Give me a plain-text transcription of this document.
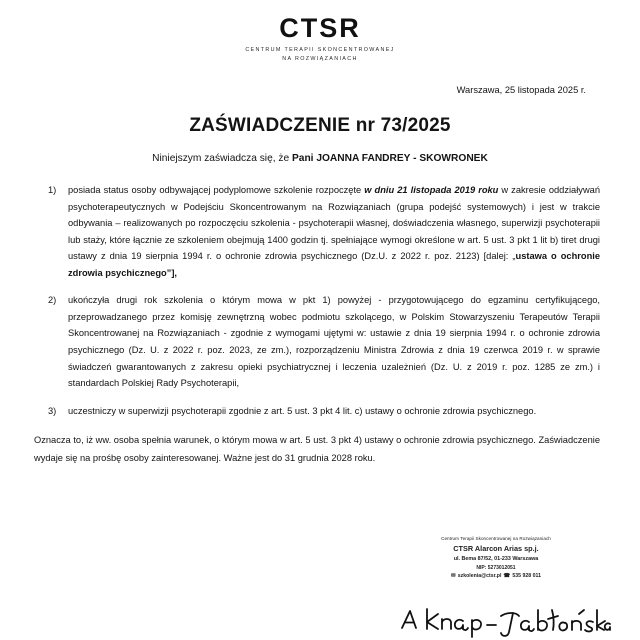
CTSR
CENTRUM TERAPII SKONCENTROWANEJ
NA ROZWIĄZANIACH
Warszawa, 25 listopada 2025 r.
ZAŚWIADCZENIE nr 73/2025
Niniejszym zaświadcza się, że Pani JOANNA FANDREY - SKOWRONEK
1)	posiada status osoby odbywającej podyplomowe szkolenie rozpoczęte w dniu 21 listopada 2019 roku w zakresie oddziaływań psychoterapeutycznych w Podejściu Skoncentrowanym na Rozwiązaniach (grupa podejść systemowych) i jest w trakcie odbywania – realizowanych po rozpoczęciu szkolenia - psychoterapii własnej, doświadczenia własnego, superwizji psychoterapii lub staży, które łącznie ze szkoleniem obejmują 1400 godzin tj. spełniające wymogi określone w art. 5 ust. 3 pkt 1 lit b) tiret drugi ustawy z dnia 19 sierpnia 1994 r. o ochronie zdrowia psychicznego (Dz.U. z 2022 r. poz. 2123) [dalej: „ustawa o ochronie zdrowia psychicznego”],
2)	ukończyła drugi rok szkolenia o którym mowa w pkt 1) powyżej - przygotowującego do egzaminu certyfikującego, przeprowadzanego przez komisję zewnętrzną wobec podmiotu szkolącego, w Polskim Stowarzyszeniu Terapeutów Terapii Skoncentrowanej na Rozwiązaniach - zgodnie z wymogami ujętymi w: ustawie z dnia 19 sierpnia 1994 r. o ochronie zdrowia psychicznego (Dz. U. z 2022 r. poz. 2023, ze zm.), rozporządzeniu Ministra Zdrowia z dnia 19 czerwca 2019 r. w sprawie świadczeń gwarantowanych z zakresu opieki psychiatrycznej i leczenia uzależnień (Dz. U. z 2019 r. poz. 1285 ze zm.) i standardach Polskiej Rady Psychoterapii,
3)	uczestniczy w superwizji psychoterapii zgodnie z art. 5 ust. 3 pkt 4 lit. c) ustawy o ochronie zdrowia psychicznego.
Oznacza to, iż ww. osoba spełnia warunek, o którym mowa w art. 5 ust. 3 pkt 4) ustawy o ochronie zdrowia psychicznego. Zaświadczenie wydaje się na prośbę osoby zainteresowanej. Ważne jest do 31 grudnia 2028 roku.
Centrum Terapii Skoncentrowanej na Rozwiązaniach
CTSR Alarcon Arias sp.j.
ul. Bema 87/52, 01-233 Warszawa
NIP: 5273012051
✉ szkolenia@ctsr.pl ☎ 535 928 011
